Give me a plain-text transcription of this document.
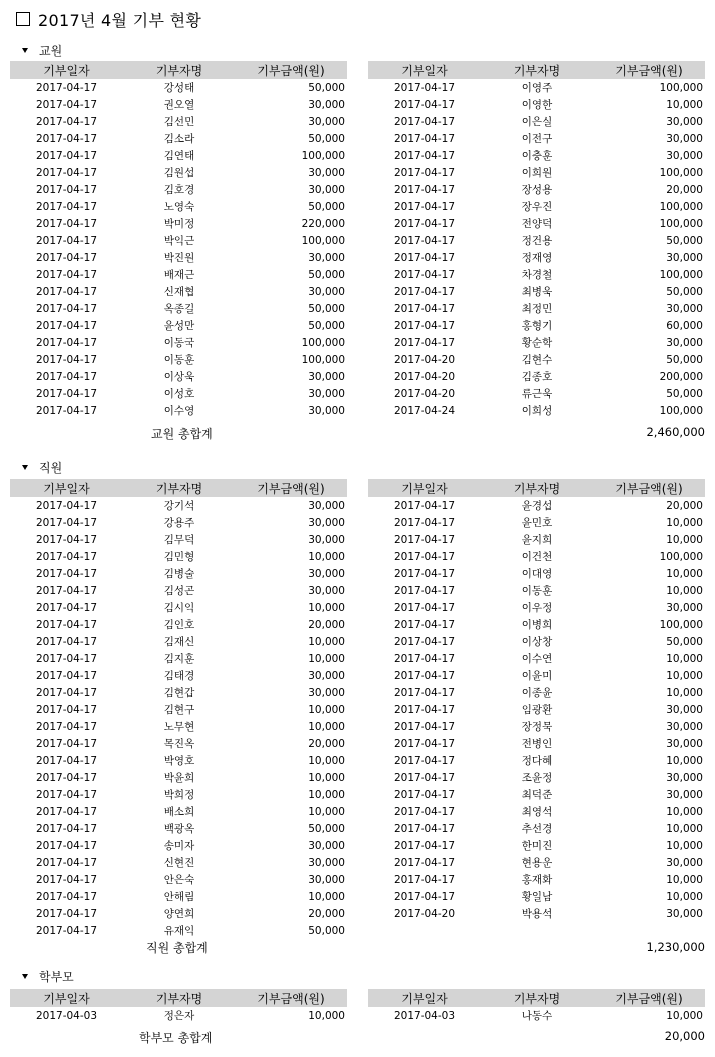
2017년 4월 기부 현황
교원
기부일자	기부자명	기부금액(원)
2017-04-17	강성태	50,000
2017-04-17	권오열	30,000
2017-04-17	김선민	30,000
2017-04-17	김소라	50,000
2017-04-17	김연태	100,000
2017-04-17	김원섭	30,000
2017-04-17	김호경	30,000
2017-04-17	노영숙	50,000
2017-04-17	박미정	220,000
2017-04-17	박익근	100,000
2017-04-17	박진원	30,000
2017-04-17	배재근	50,000
2017-04-17	신재협	30,000
2017-04-17	옥종길	50,000
2017-04-17	윤성만	50,000
2017-04-17	이동국	100,000
2017-04-17	이동훈	100,000
2017-04-17	이상욱	30,000
2017-04-17	이성호	30,000
2017-04-17	이수영	30,000
기부일자	기부자명	기부금액(원)
2017-04-17	이영주	100,000
2017-04-17	이영한	10,000
2017-04-17	이은실	30,000
2017-04-17	이전구	30,000
2017-04-17	이충훈	30,000
2017-04-17	이희원	100,000
2017-04-17	장성용	20,000
2017-04-17	장우진	100,000
2017-04-17	전양덕	100,000
2017-04-17	정건용	50,000
2017-04-17	정재영	30,000
2017-04-17	차경철	100,000
2017-04-17	최병욱	50,000
2017-04-17	최정민	30,000
2017-04-17	홍형기	60,000
2017-04-17	황순학	30,000
2017-04-20	김현수	50,000
2017-04-20	김종호	200,000
2017-04-20	류근욱	50,000
2017-04-24	이희성	100,000
교원 총합계	2,460,000
직원
기부일자	기부자명	기부금액(원)
2017-04-17	강기석	30,000
2017-04-17	강용주	30,000
2017-04-17	김무덕	30,000
2017-04-17	김민형	10,000
2017-04-17	김병술	30,000
2017-04-17	김성곤	30,000
2017-04-17	김시익	10,000
2017-04-17	김인호	20,000
2017-04-17	김재신	10,000
2017-04-17	김지훈	10,000
2017-04-17	김태경	30,000
2017-04-17	김현갑	30,000
2017-04-17	김현구	10,000
2017-04-17	노무현	10,000
2017-04-17	목진옥	20,000
2017-04-17	박영호	10,000
2017-04-17	박윤희	10,000
2017-04-17	박희정	10,000
2017-04-17	배소희	10,000
2017-04-17	백광옥	50,000
2017-04-17	송미자	30,000
2017-04-17	신현진	30,000
2017-04-17	안은숙	30,000
2017-04-17	안해림	10,000
2017-04-17	양연희	20,000
2017-04-17	유재익	50,000
기부일자	기부자명	기부금액(원)
2017-04-17	윤경섭	20,000
2017-04-17	윤민호	10,000
2017-04-17	윤지희	10,000
2017-04-17	이건천	100,000
2017-04-17	이대영	10,000
2017-04-17	이동훈	10,000
2017-04-17	이우정	30,000
2017-04-17	이병희	100,000
2017-04-17	이상창	50,000
2017-04-17	이수연	10,000
2017-04-17	이윤미	10,000
2017-04-17	이종윤	10,000
2017-04-17	임광환	30,000
2017-04-17	장정묵	30,000
2017-04-17	전병인	30,000
2017-04-17	정다혜	10,000
2017-04-17	조윤정	30,000
2017-04-17	최덕준	30,000
2017-04-17	최영석	10,000
2017-04-17	추선경	10,000
2017-04-17	한미진	10,000
2017-04-17	현용운	30,000
2017-04-17	홍재화	10,000
2017-04-17	황일남	10,000
2017-04-20	박용석	30,000
직원 총합계	1,230,000
학부모
기부일자	기부자명	기부금액(원)
2017-04-03	정은자	10,000
기부일자	기부자명	기부금액(원)
2017-04-03	나동수	10,000
학부모 총합계	20,000
